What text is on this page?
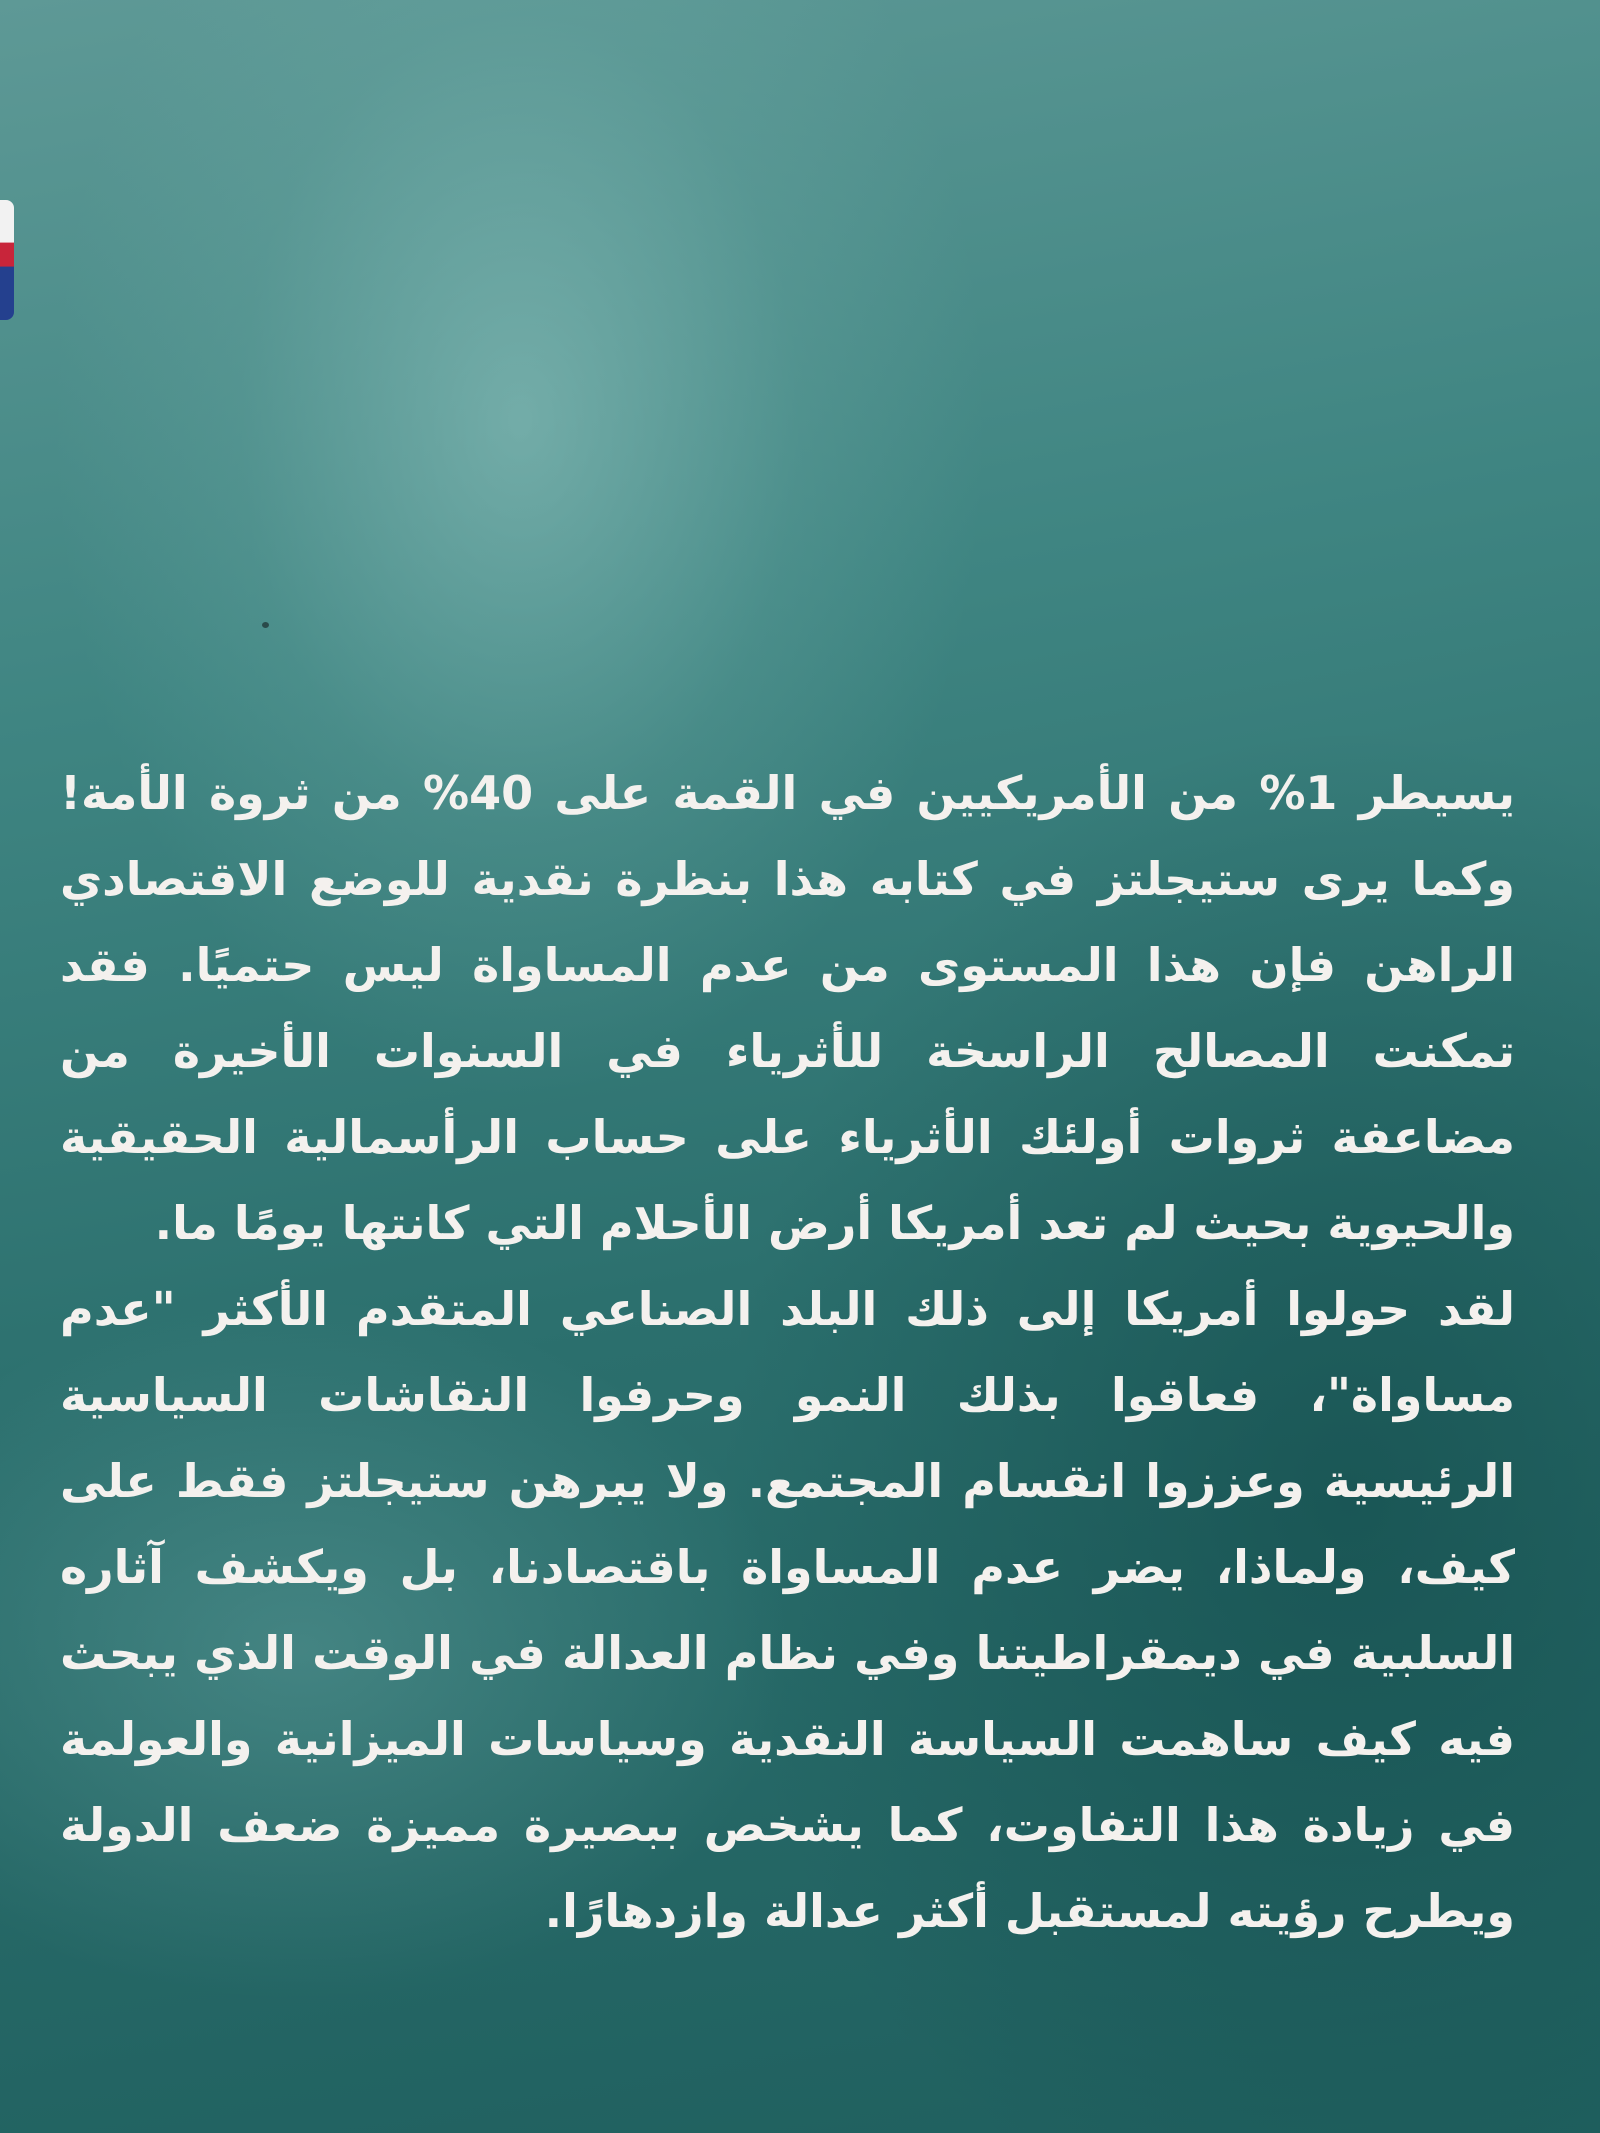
يسيطر 1% من الأمريكيين في القمة على 40% من ثروة الأمة! وكما يرى ستيجلتز في كتابه هذا بنظرة نقدية للوضع الاقتصادي الراهن فإن هذا المستوى من عدم المساواة ليس حتميًا. فقد تمكنت المصالح الراسخة للأثرياء في السنوات الأخيرة من مضاعفة ثروات أولئك الأثرياء على حساب الرأسمالية الحقيقية والحيوية بحيث لم تعد أمريكا أرض الأحلام التي كانتها يومًا ما.

لقد حولوا أمريكا إلى ذلك البلد الصناعي المتقدم الأكثر "عدم مساواة"، فعاقوا بذلك النمو وحرفوا النقاشات السياسية الرئيسية وعززوا انقسام المجتمع. ولا يبرهن ستيجلتز فقط على كيف، ولماذا، يضر عدم المساواة باقتصادنا، بل ويكشف آثاره السلبية في ديمقراطيتنا وفي نظام العدالة في الوقت الذي يبحث فيه كيف ساهمت السياسة النقدية وسياسات الميزانية والعولمة في زيادة هذا التفاوت، كما يشخص ببصيرة مميزة ضعف الدولة ويطرح رؤيته لمستقبل أكثر عدالة وازدهارًا.
